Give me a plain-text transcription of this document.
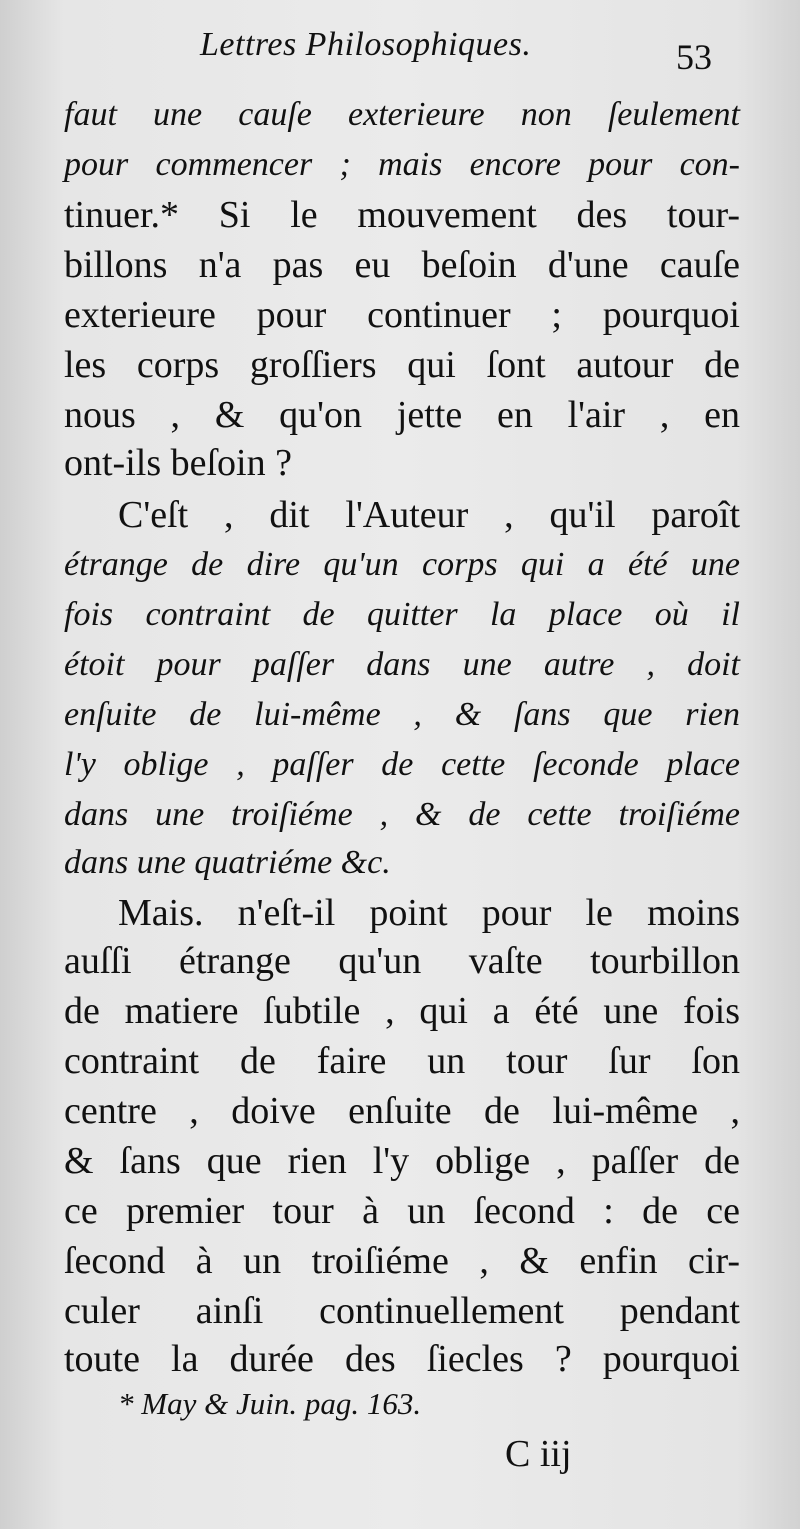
Lettres Philosophiques.	53
faut une cauſe exterieure non ſeulement
pour commencer ; mais encore pour con-
tinuer.* Si le mouvement des tour-
billons n'a pas eu beſoin d'une cauſe
exterieure pour continuer ; pourquoi
les corps groſſiers qui ſont autour de
nous , & qu'on jette en l'air , en
ont-ils beſoin ?
C'eſt , dit l'Auteur , qu'il paroît
étrange de dire qu'un corps qui a été une
fois contraint de quitter la place où il
étoit pour paſſer dans une autre , doit
enſuite de lui-même , & ſans que rien
l'y oblige , paſſer de cette ſeconde place
dans une troiſiéme , & de cette troiſiéme
dans une quatriéme &c.
Mais. n'eſt-il point pour le moins
auſſi étrange qu'un vaſte tourbillon
de matiere ſubtile , qui a été une fois
contraint de faire un tour ſur ſon
centre , doive enſuite de lui-même ,
& ſans que rien l'y oblige , paſſer de
ce premier tour à un ſecond : de ce
ſecond à un troiſiéme , & enfin cir-
culer ainſi continuellement pendant
toute la durée des ſiecles ? pourquoi
* May & Juin. pag. 163.
C iij
